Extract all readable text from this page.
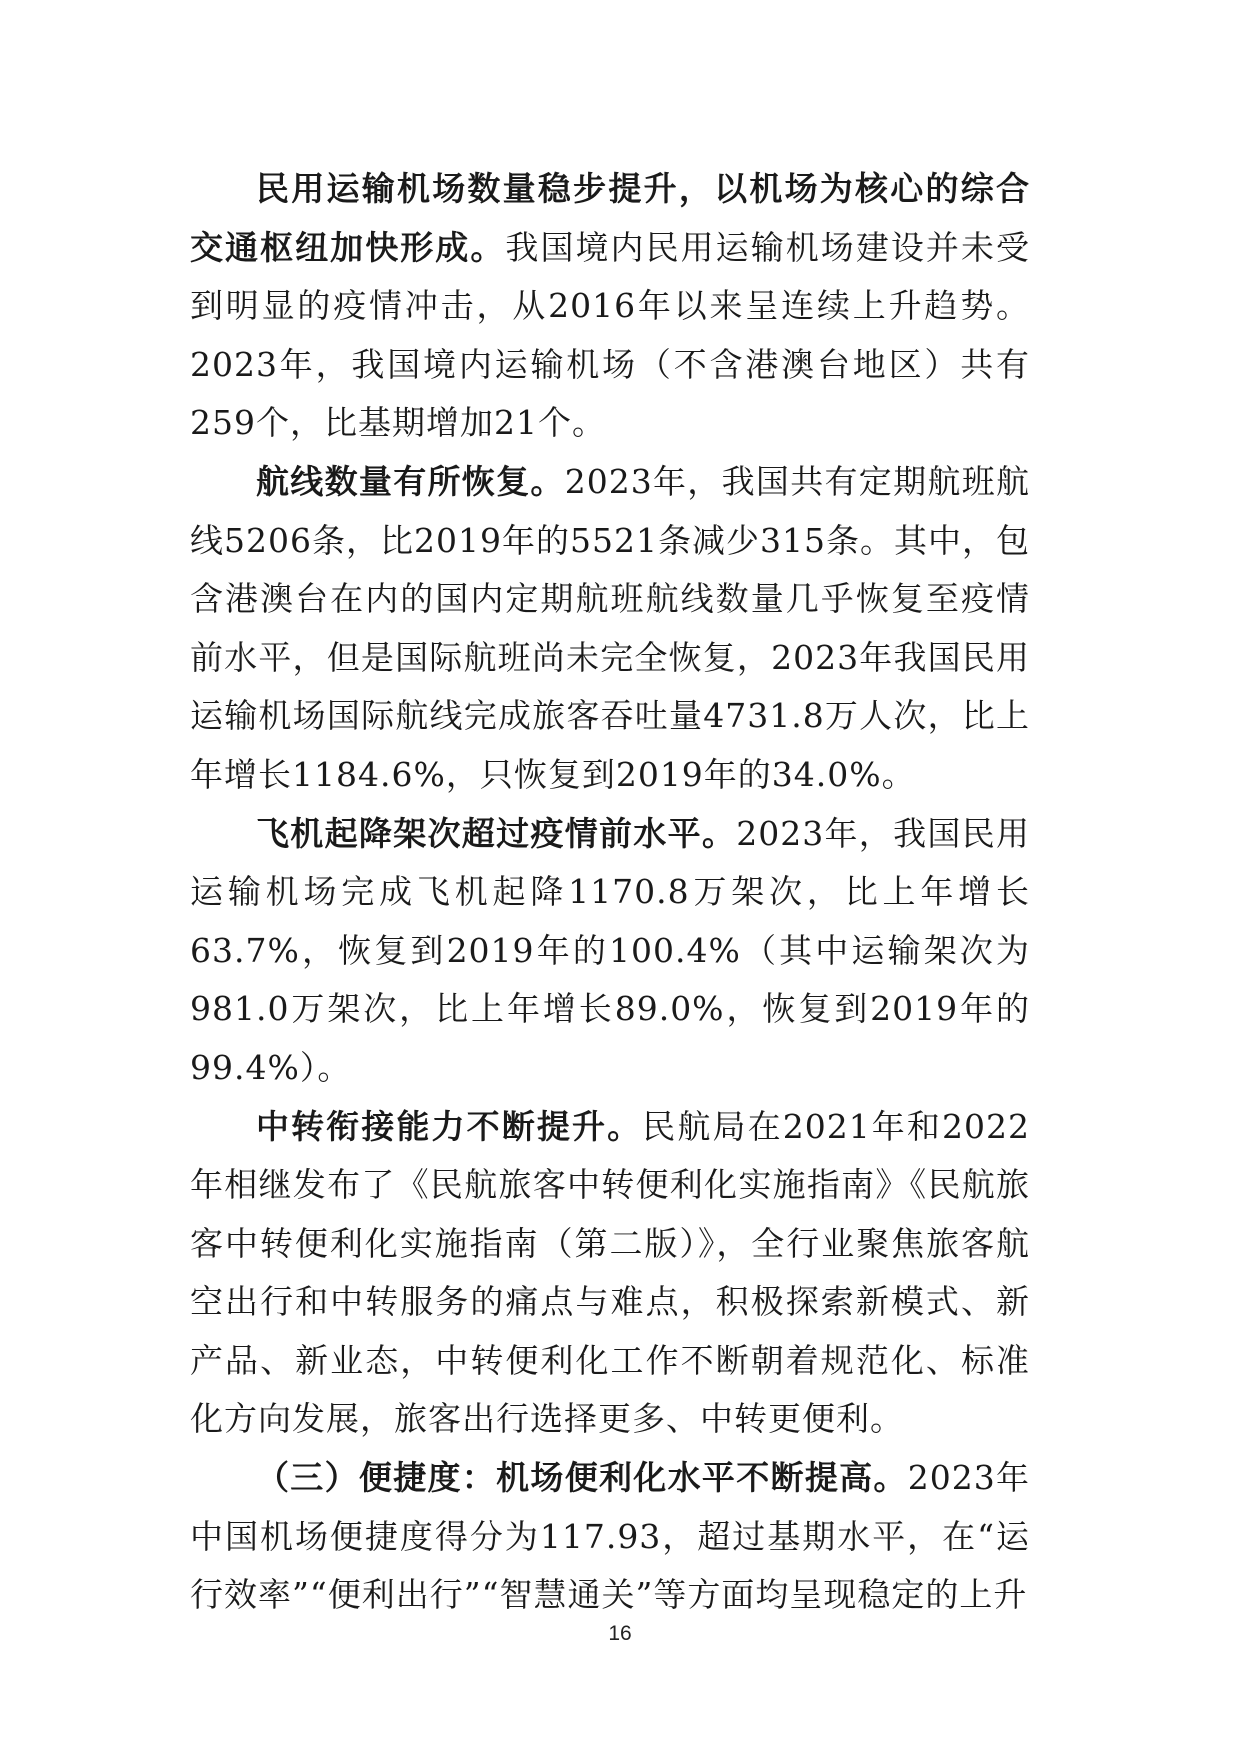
民用运输机场数量稳步提升，以机场为核心的综合交通枢纽加快形成。我国境内民用运输机场建设并未受到明显的疫情冲击，从2016年以来呈连续上升趋势。2023年，我国境内运输机场（不含港澳台地区）共有259个，比基期增加21个。

航线数量有所恢复。2023年，我国共有定期航班航线5206条，比2019年的5521条减少315条。其中，包含港澳台在内的国内定期航班航线数量几乎恢复至疫情前水平，但是国际航班尚未完全恢复，2023年我国民用运输机场国际航线完成旅客吞吐量4731.8万人次，比上年增长1184.6%，只恢复到2019年的34.0%。

飞机起降架次超过疫情前水平。2023年，我国民用运输机场完成飞机起降1170.8万架次，比上年增长63.7%，恢复到2019年的100.4%（其中运输架次为981.0万架次，比上年增长89.0%，恢复到2019年的99.4%）。

中转衔接能力不断提升。民航局在2021年和2022年相继发布了《民航旅客中转便利化实施指南》《民航旅客中转便利化实施指南（第二版）》，全行业聚焦旅客航空出行和中转服务的痛点与难点，积极探索新模式、新产品、新业态，中转便利化工作不断朝着规范化、标准化方向发展，旅客出行选择更多、中转更便利。

（三）便捷度：机场便利化水平不断提高。2023年中国机场便捷度得分为117.93，超过基期水平，在“运行效率”“便利出行”“智慧通关”等方面均呈现稳定的上升

16
